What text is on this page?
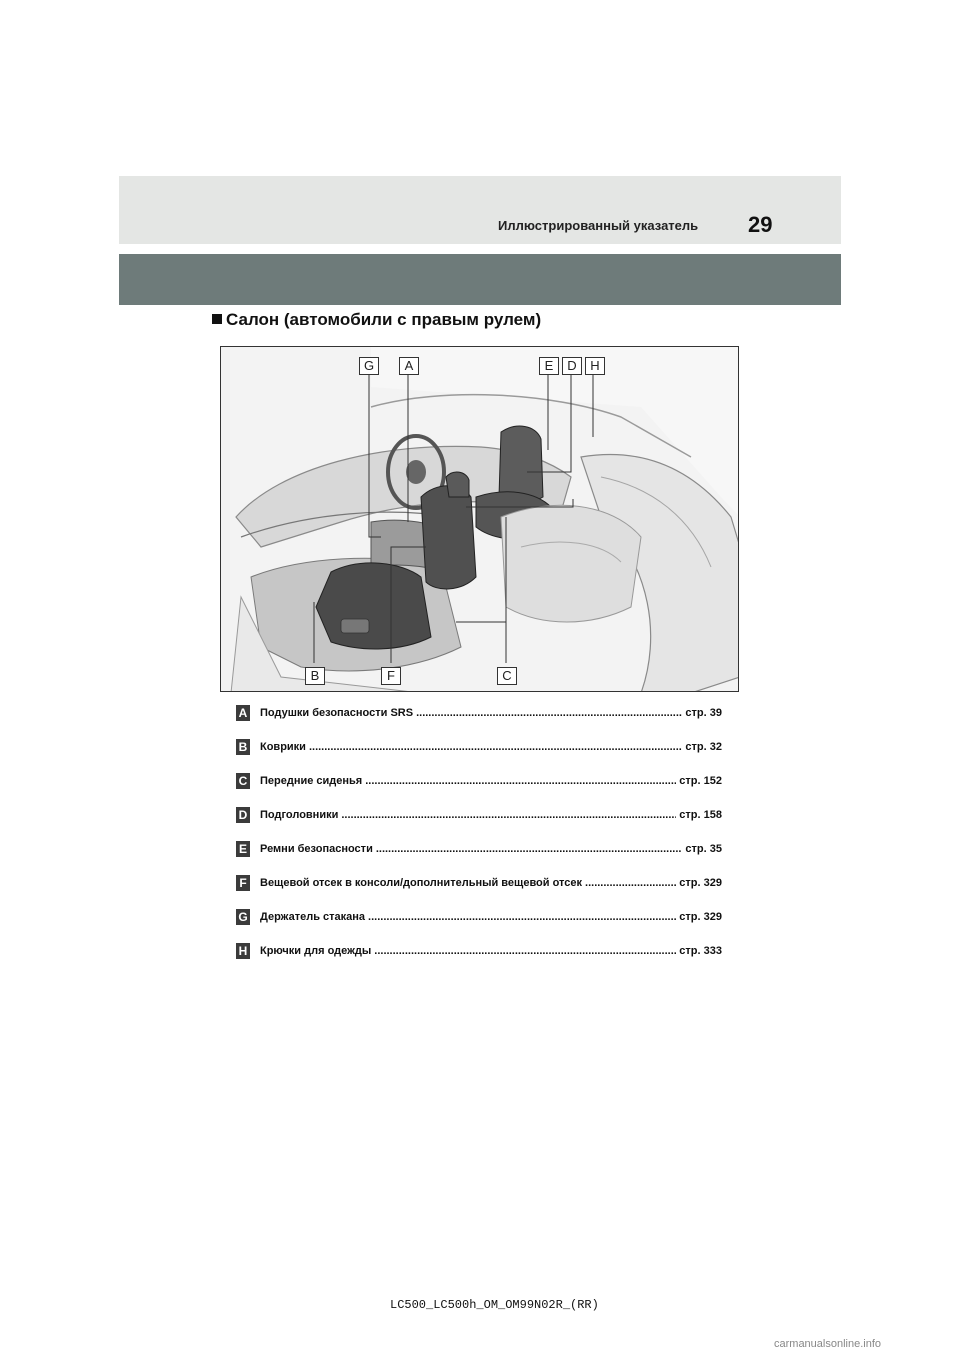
Иллюстрированный указатель 29
Салон (автомобили с правым рулем)
G	A	E	D	H
B	F	C
A Подушки безопасности SRS .....	стр. 39
B Коврики .....	стр. 32
C Передние сиденья .....	стр. 152
D Подголовники .....	стр. 158
E Ремни безопасности .....	стр. 35
F	Вещевой отсек в консоли/дополнительный вещевой отсек .....	стр. 329
G Держатель стакана .....	стр. 329
H Крючки для одежды .....	стр. 333
LC500_LC500h_OM_OM99N02R_(RR)
carmanualsonline.info
